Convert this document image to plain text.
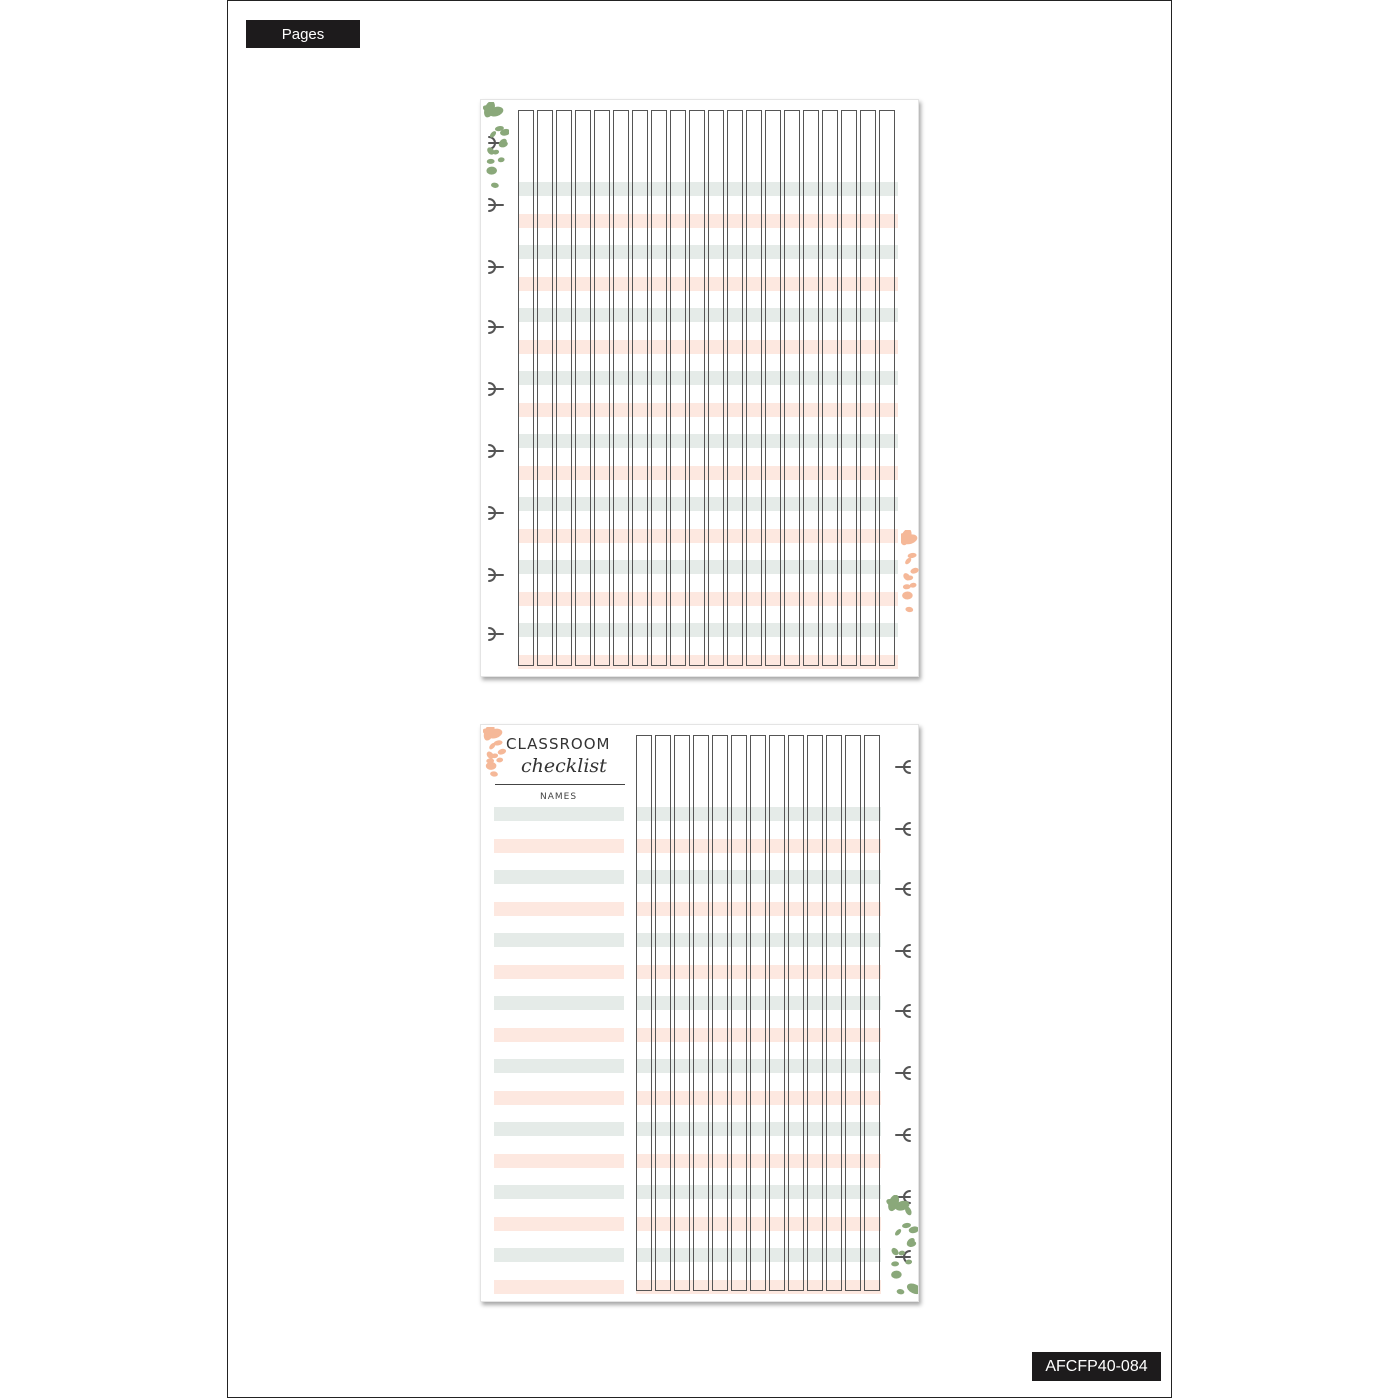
Pages
CLASSROOM
checklist
NAMES
AFCFP40-084
